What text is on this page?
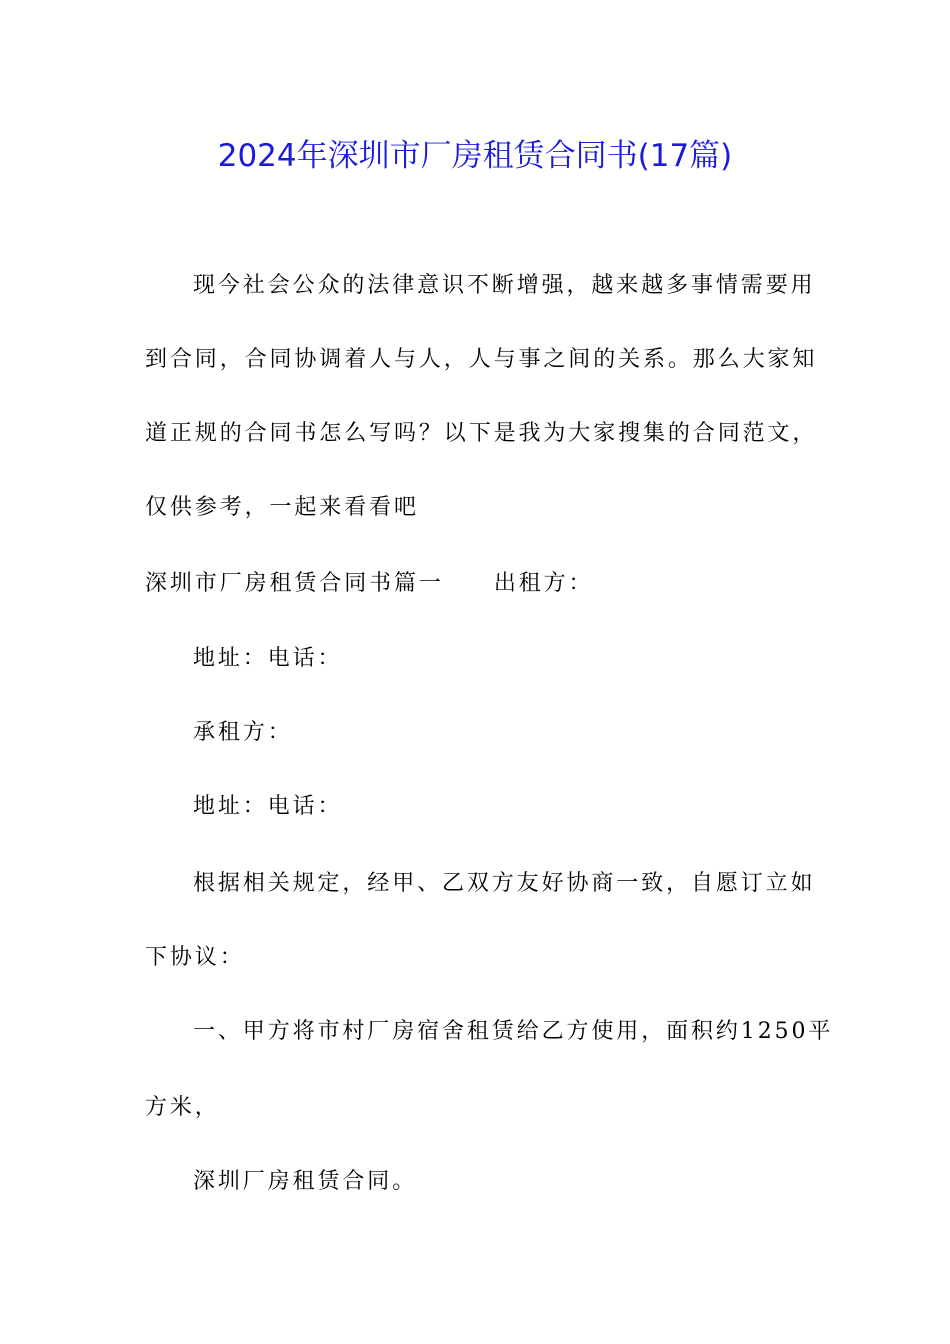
2024年深圳市厂房租赁合同书(17篇)
现今社会公众的法律意识不断增强，越来越多事情需要用
到合同，合同协调着人与人，人与事之间的关系。那么大家知
道正规的合同书怎么写吗？以下是我为大家搜集的合同范文，
仅供参考，一起来看看吧
深圳市厂房租赁合同书篇一 出租方：
地址：电话：
承租方：
地址：电话：
根据相关规定，经甲、乙双方友好协商一致，自愿订立如
下协议：
一、甲方将市村厂房宿舍租赁给乙方使用，面积约1250平
方米，
深圳厂房租赁合同。
